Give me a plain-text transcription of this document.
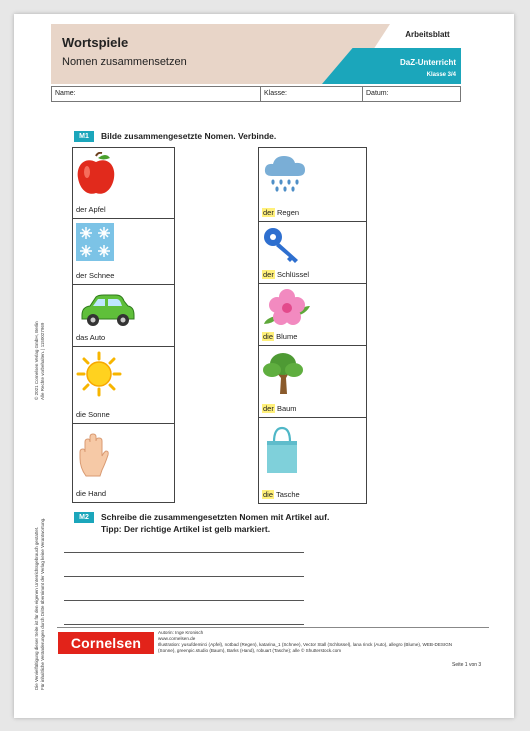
Wortspiele
Nomen zusammensetzen
Arbeitsblatt
DaZ-Unterricht
Klasse 3/4
Name:	Klasse:	Datum:
M1	Bilde zusammengesetzte Nomen. Verbinde.
der Apfel

der Schnee

das Auto

die Sonne

die Hand
der Regen

der Schlüssel

die Blume

der Baum

die Tasche
M2	Schreibe die zusammengesetzten Nomen mit Artikel auf.
Tipp: Der richtige Artikel ist gelb markiert.
Cornelsen
Autorin: Inge Kronisch
www.cornelsen.de
Illustration: yusufdemirci (Apfel), notbad (Regen), katarina_1 (Schnee), Vector Stall (Schlüssel), lana rinck (Auto), allegro (Blume), WEB-DESIGN (Sonne), greenpic.studio (Baum), Barks (Hand), robuart (Tasche); alle © Shutterstock.com
Seite 1 von 3
© 2021 Cornelsen Verlag GmbH, Berlin Alle Rechte vorbehalten. | 1150027969
Die Vervielfältigung dieser Seite ist für den eigenen Unterrichtsgebrauch gestattet. Für inhaltliche Veränderungen durch Dritte übernimmt der Verlag keine Verantwortung.
